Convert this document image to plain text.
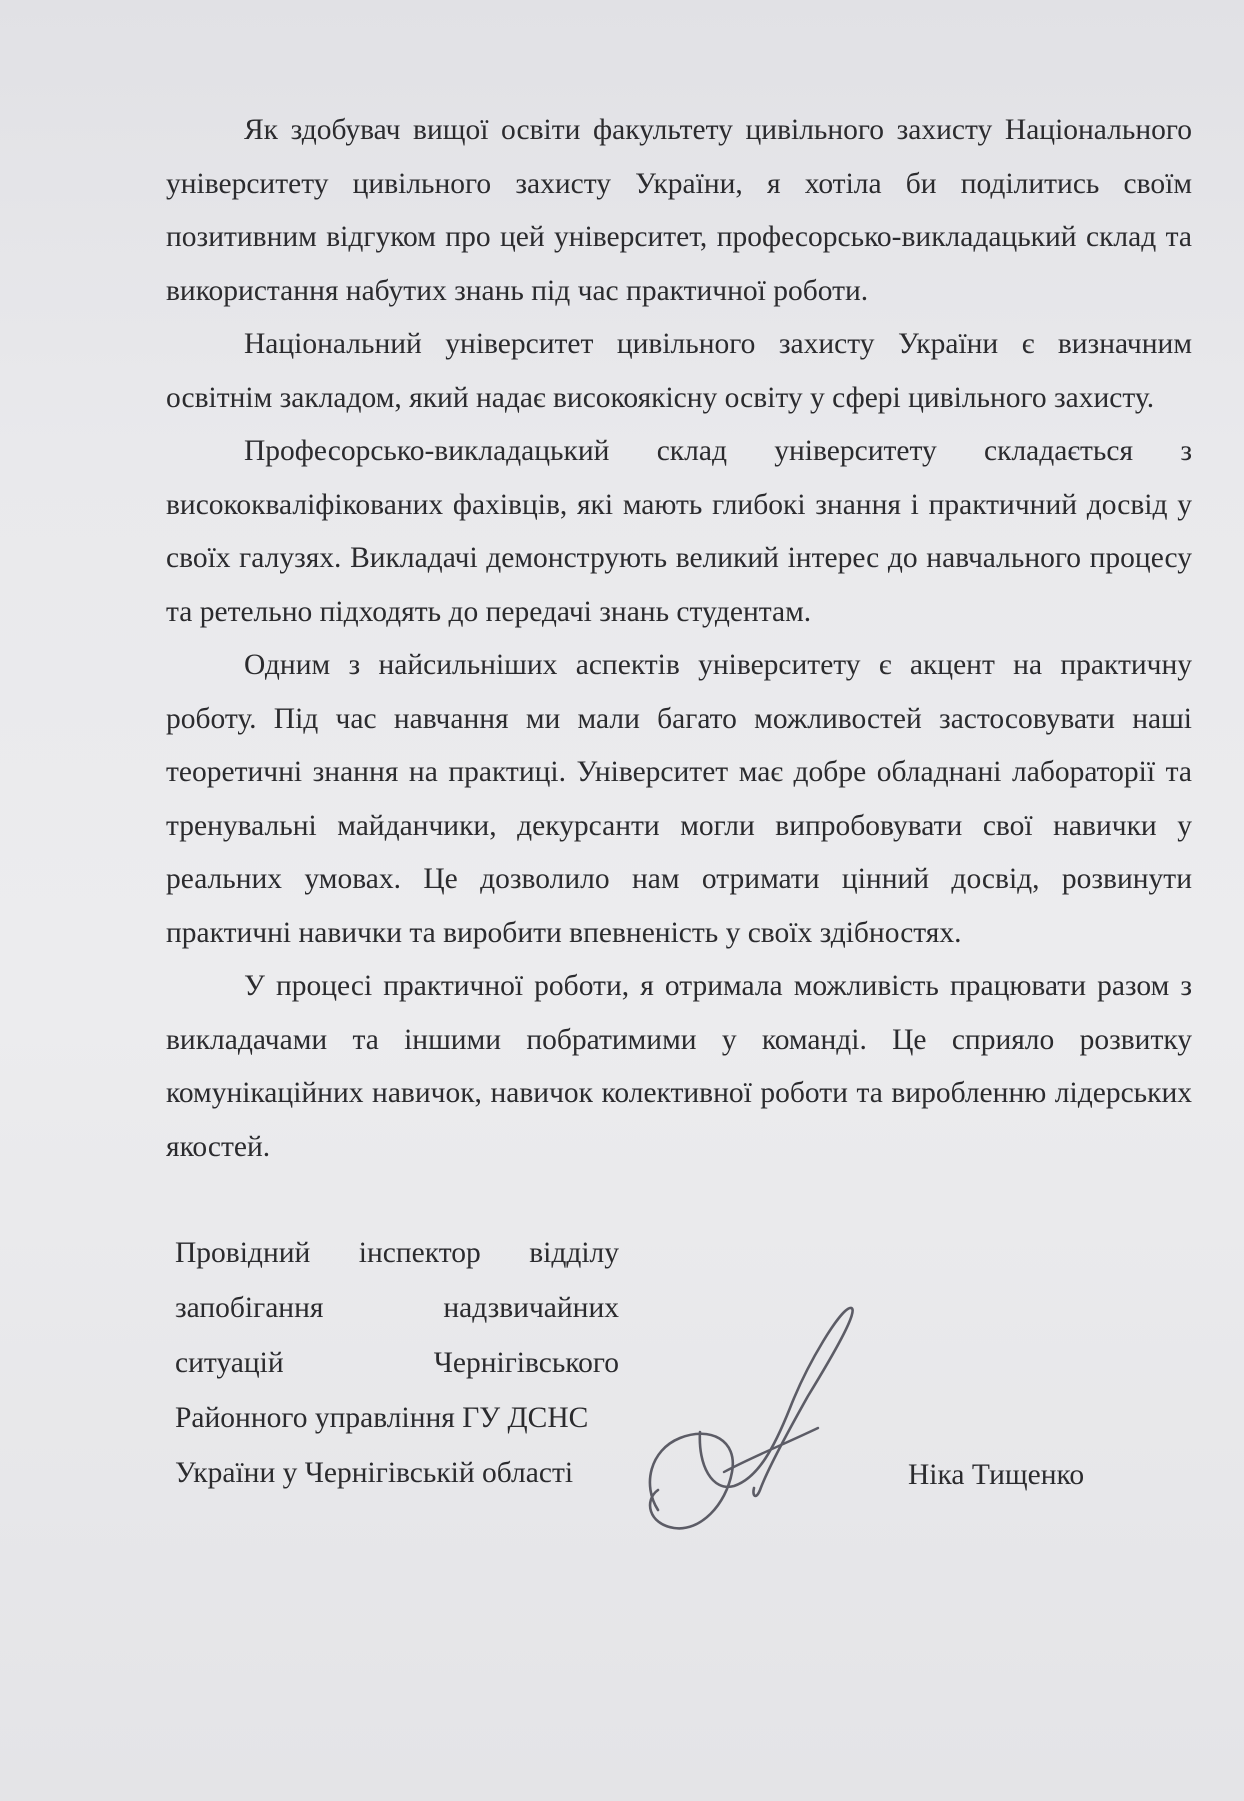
Як здобувач вищої освіти факультету цивільного захисту Національного університету цивільного захисту України, я хотіла би поділитись своїм позитивним відгуком про цей університет, професорсько-викладацький склад та використання набутих знань під час практичної роботи.

Національний університет цивільного захисту України є визначним освітнім закладом, який надає високоякісну освіту у сфері цивільного захисту.

Професорсько-викладацький склад університету складається з висококваліфікованих фахівців, які мають глибокі знання і практичний досвід у своїх галузях. Викладачі демонструють великий інтерес до навчального процесу та ретельно підходять до передачі знань студентам.

Одним з найсильніших аспектів університету є акцент на практичну роботу. Під час навчання ми мали багато можливостей застосовувати наші теоретичні знання на практиці. Університет має добре обладнані лабораторії та тренувальні майданчики, декурсанти могли випробовувати свої навички у реальних умовах. Це дозволило нам отримати цінний досвід, розвинути практичні навички та виробити впевненість у своїх здібностях.

У процесі практичної роботи, я отримала можливість працювати разом з викладачами та іншими побратимими у команді. Це сприяло розвитку комунікаційних навичок, навичок колективної роботи та виробленню лідерських якостей.

Провідний інспектор відділу
запобігання надзвичайних
ситуацій Чернігівського
Районного управління ГУ ДСНС
України у Чернігівській області	Ніка Тищенко
